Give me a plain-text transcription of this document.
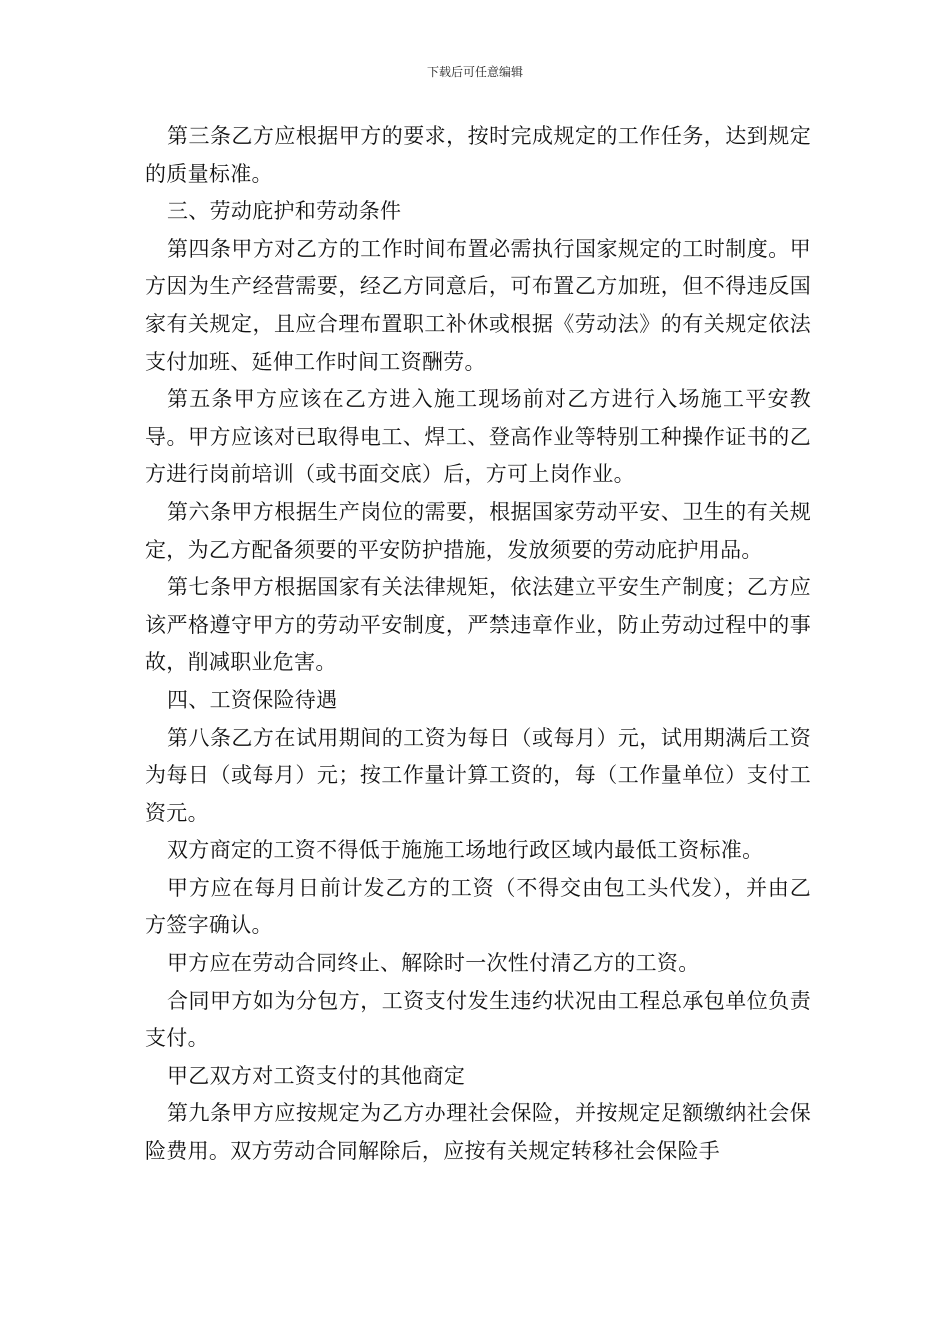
下载后可任意编辑

第三条乙方应根据甲方的要求，按时完成规定的工作任务，达到规定的质量标准。

三、劳动庇护和劳动条件

第四条甲方对乙方的工作时间布置必需执行国家规定的工时制度。甲方因为生产经营需要，经乙方同意后，可布置乙方加班，但不得违反国家有关规定，且应合理布置职工补休或根据《劳动法》的有关规定依法支付加班、延伸工作时间工资酬劳。

第五条甲方应该在乙方进入施工现场前对乙方进行入场施工平安教导。甲方应该对已取得电工、焊工、登高作业等特别工种操作证书的乙方进行岗前培训（或书面交底）后，方可上岗作业。

第六条甲方根据生产岗位的需要，根据国家劳动平安、卫生的有关规定，为乙方配备须要的平安防护措施，发放须要的劳动庇护用品。

第七条甲方根据国家有关法律规矩，依法建立平安生产制度；乙方应该严格遵守甲方的劳动平安制度，严禁违章作业，防止劳动过程中的事故，削减职业危害。

四、工资保险待遇

第八条乙方在试用期间的工资为每日（或每月）元，试用期满后工资为每日（或每月）元；按工作量计算工资的，每（工作量单位）支付工资元。

双方商定的工资不得低于施施工场地行政区域内最低工资标准。

甲方应在每月日前计发乙方的工资（不得交由包工头代发），并由乙方签字确认。

甲方应在劳动合同终止、解除时一次性付清乙方的工资。

合同甲方如为分包方，工资支付发生违约状况由工程总承包单位负责支付。

甲乙双方对工资支付的其他商定

第九条甲方应按规定为乙方办理社会保险，并按规定足额缴纳社会保险费用。双方劳动合同解除后，应按有关规定转移社会保险手
